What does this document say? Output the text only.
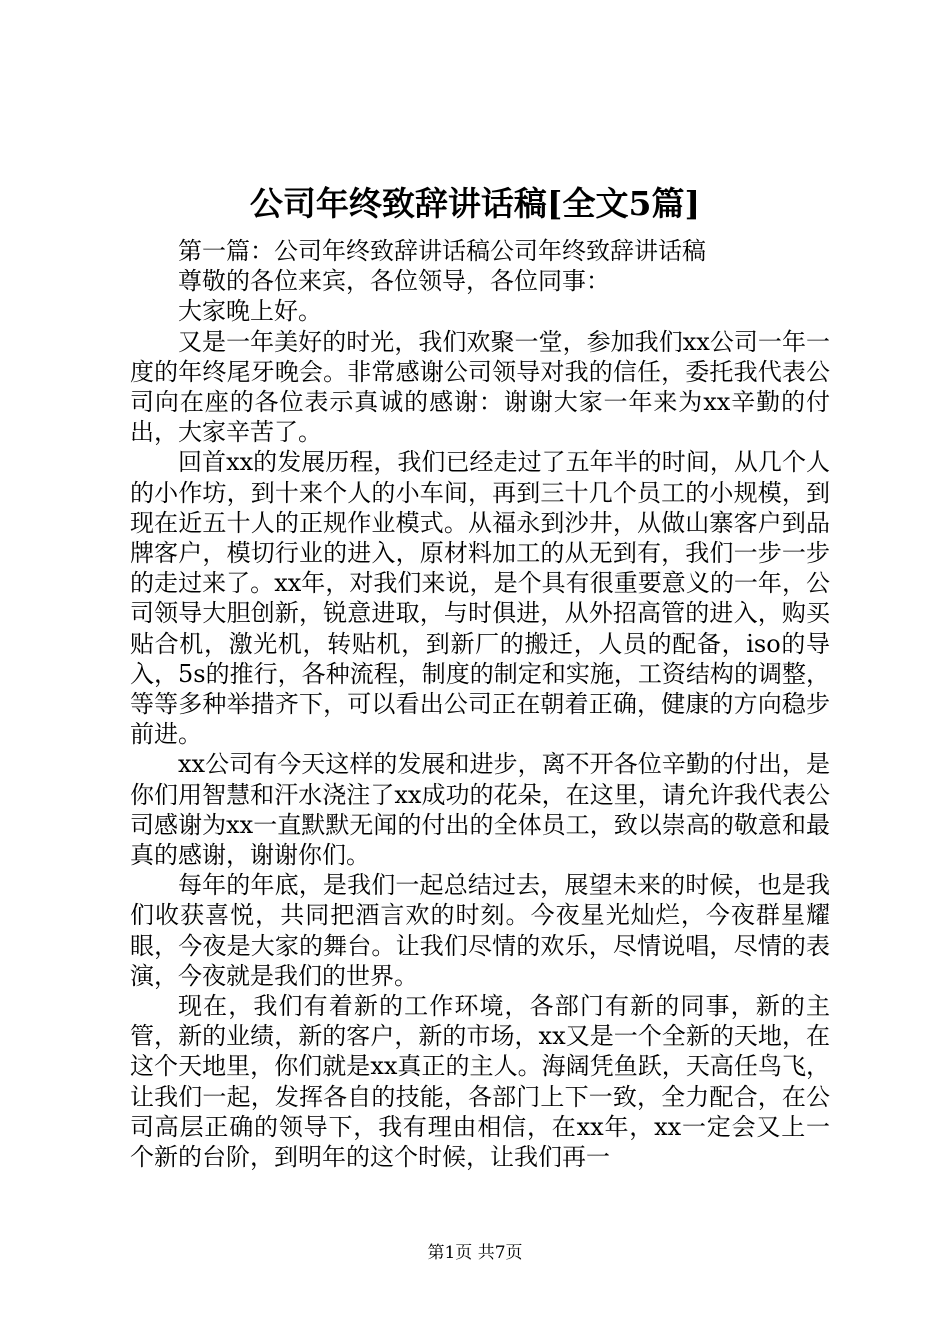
公司年终致辞讲话稿[全文5篇]

第一篇：公司年终致辞讲话稿公司年终致辞讲话稿

尊敬的各位来宾，各位领导，各位同事：

大家晚上好。

又是一年美好的时光，我们欢聚一堂，参加我们xx公司一年一度的年终尾牙晚会。非常感谢公司领导对我的信任，委托我代表公司向在座的各位表示真诚的感谢：谢谢大家一年来为xx辛勤的付出，大家辛苦了。

回首xx的发展历程，我们已经走过了五年半的时间，从几个人的小作坊，到十来个人的小车间，再到三十几个员工的小规模，到现在近五十人的正规作业模式。从福永到沙井，从做山寨客户到品牌客户，模切行业的进入，原材料加工的从无到有，我们一步一步的走过来了。xx年，对我们来说，是个具有很重要意义的一年，公司领导大胆创新，锐意进取，与时俱进，从外招高管的进入，购买贴合机，激光机，转贴机，到新厂的搬迁，人员的配备，iso的导入，5s的推行，各种流程，制度的制定和实施，工资结构的调整，等等多种举措齐下，可以看出公司正在朝着正确，健康的方向稳步前进。

xx公司有今天这样的发展和进步，离不开各位辛勤的付出，是你们用智慧和汗水浇注了xx成功的花朵，在这里，请允许我代表公司感谢为xx一直默默无闻的付出的全体员工，致以崇高的敬意和最真的感谢，谢谢你们。

每年的年底，是我们一起总结过去，展望未来的时候，也是我们收获喜悦，共同把酒言欢的时刻。今夜星光灿烂，今夜群星耀眼，今夜是大家的舞台。让我们尽情的欢乐，尽情说唱，尽情的表演，今夜就是我们的世界。

现在，我们有着新的工作环境，各部门有新的同事，新的主管，新的业绩，新的客户，新的市场，xx又是一个全新的天地，在这个天地里，你们就是xx真正的主人。海阔凭鱼跃，天高任鸟飞，让我们一起，发挥各自的技能，各部门上下一致，全力配合，在公司高层正确的领导下，我有理由相信，在xx年，xx一定会又上一个新的台阶，到明年的这个时候，让我们再一

第1页 共7页
